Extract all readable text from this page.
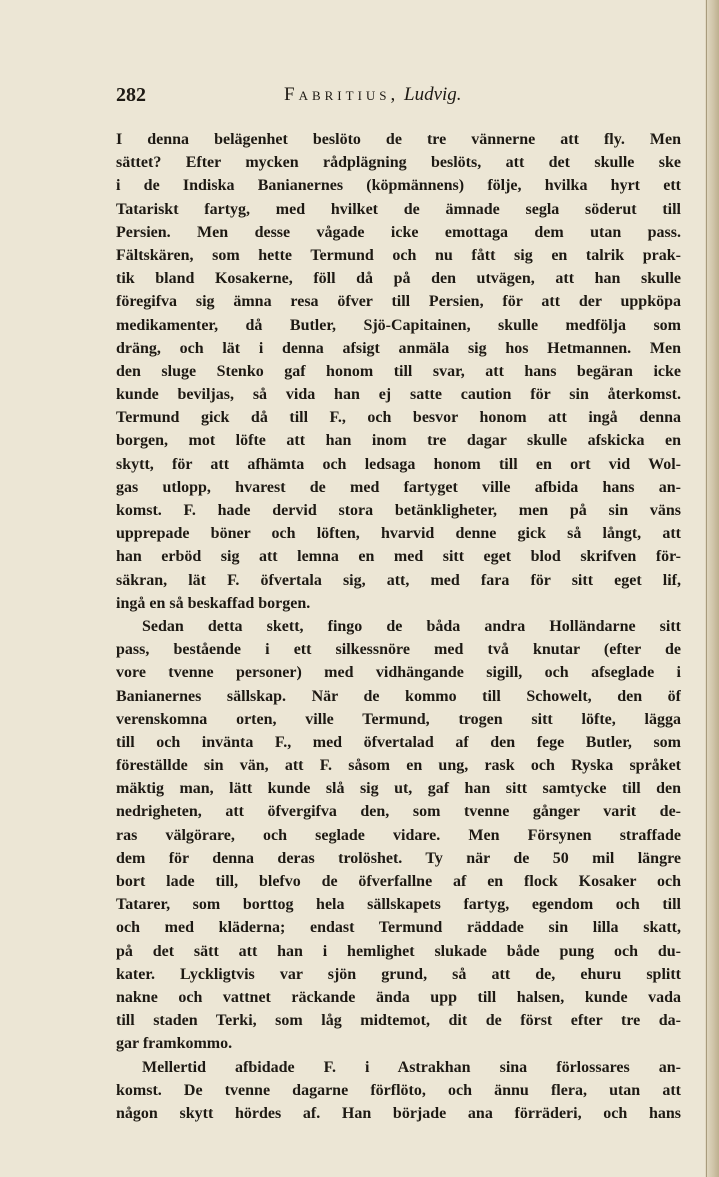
282	Fabritius, Ludvig.
I denna belägenhet beslöto de tre vännerne att fly. Men
sättet? Efter mycken rådplägning beslöts, att det skulle ske
i de Indiska Banianernes (köpmännens) följe, hvilka hyrt ett
Tatariskt fartyg, med hvilket de ämnade segla söderut till
Persien. Men desse vågade icke emottaga dem utan pass.
Fältskären, som hette Termund och nu fått sig en talrik prak-
tik bland Kosakerne, föll då på den utvägen, att han skulle
föregifva sig ämna resa öfver till Persien, för att der uppköpa
medikamenter, då Butler, Sjö-Capitainen, skulle medfölja som
dräng, och lät i denna afsigt anmäla sig hos Hetmannen. Men
den sluge Stenko gaf honom till svar, att hans begäran icke
kunde beviljas, så vida han ej satte caution för sin återkomst.
Termund gick då till F., och besvor honom att ingå denna
borgen, mot löfte att han inom tre dagar skulle afskicka en
skytt, för att afhämta och ledsaga honom till en ort vid Wol-
gas utlopp, hvarest de med fartyget ville afbida hans an-
komst. F. hade dervid stora betänkligheter, men på sin väns
upprepade böner och löften, hvarvid denne gick så långt, att
han erböd sig att lemna en med sitt eget blod skrifven för-
säkran, lät F. öfvertala sig, att, med fara för sitt eget lif,
ingå en så beskaffad borgen.
Sedan detta skett, fingo de båda andra Holländarne sitt
pass, bestående i ett silkessnöre med två knutar (efter de
vore tvenne personer) med vidhängande sigill, och afseglade i
Banianernes sällskap. När de kommo till Schowelt, den öf
verenskomna orten, ville Termund, trogen sitt löfte, lägga
till och invänta F., med öfvertalad af den fege Butler, som
föreställde sin vän, att F. såsom en ung, rask och Ryska språket
mäktig man, lätt kunde slå sig ut, gaf han sitt samtycke till den
nedrigheten, att öfvergifva den, som tvenne gånger varit de-
ras välgörare, och seglade vidare. Men Försynen straffade
dem för denna deras trolöshet. Ty när de 50 mil längre
bort lade till, blefvo de öfverfallne af en flock Kosaker och
Tatarer, som borttog hela sällskapets fartyg, egendom och till
och med kläderna; endast Termund räddade sin lilla skatt,
på det sätt att han i hemlighet slukade både pung och du-
kater. Lyckligtvis var sjön grund, så att de, ehuru splitt
nakne och vattnet räckande ända upp till halsen, kunde vada
till staden Terki, som låg midtemot, dit de först efter tre da-
gar framkommo.
Mellertid afbidade F. i Astrakhan sina förlossares an-
komst. De tvenne dagarne förflöto, och ännu flera, utan att
någon skytt hördes af. Han började ana förräderi, och hans
